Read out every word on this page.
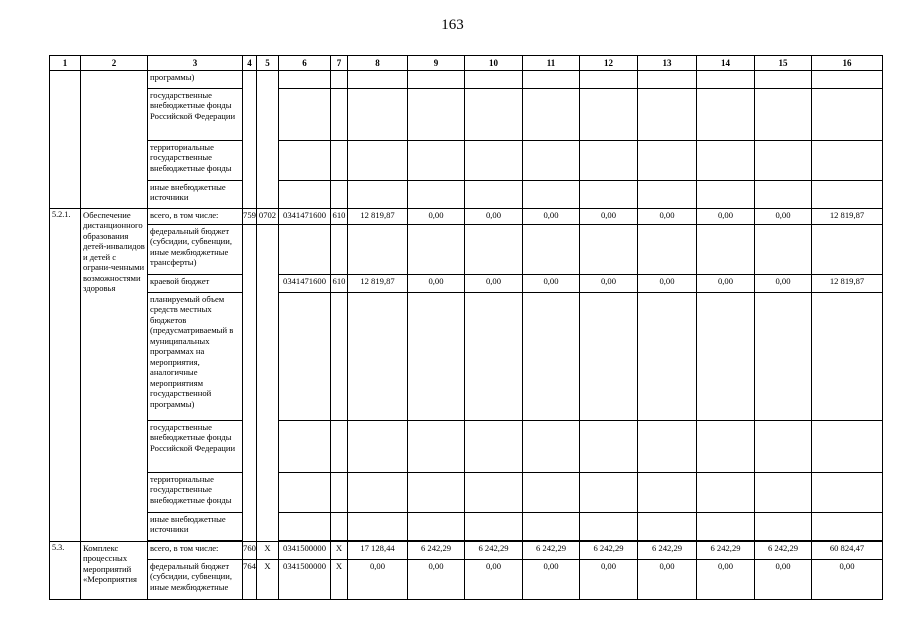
163
1	2	3	4	5	6	7	8	9	10	11	12	13	14	15	16	
		программы)														
		государственные внебюджетные фонды Российской Федерации														
		территориальные государственные внебюджетные фонды														
		иные внебюджетные источники														
5.2.1.	Обеспечение дистанционного образования детей-инвалидов и детей с ограни-ченными возможностями здоровья	всего, в том числе:	759	0702	0341471600	610	12 819,87	0,00	0,00	0,00	0,00	0,00	0,00	0,00	12 819,87	
		федеральный бюджет (субсидии, субвенции, иные межбюджетные трансферты)														
		краевой бюджет			0341471600	610	12 819,87	0,00	0,00	0,00	0,00	0,00	0,00	0,00	12 819,87	
		планируемый объем средств местных бюджетов (предусматриваемый в муниципальных программах на мероприятия, аналогичные мероприятиям государственной программы)														
		государственные внебюджетные фонды Российской Федерации														
		территориальные государственные внебюджетные фонды														
		иные внебюджетные источники														

5.3.	Комплекс процессных мероприятий «Мероприятия	всего, в том числе:	760	X	0341500000	X	17 128,44	6 242,29	6 242,29	6 242,29	6 242,29	6 242,29	6 242,29	6 242,29	60 824,47	
		федеральный бюджет (субсидии, субвенции, иные межбюджетные	764	X	0341500000	X	0,00	0,00	0,00	0,00	0,00	0,00	0,00	0,00	0,00	
